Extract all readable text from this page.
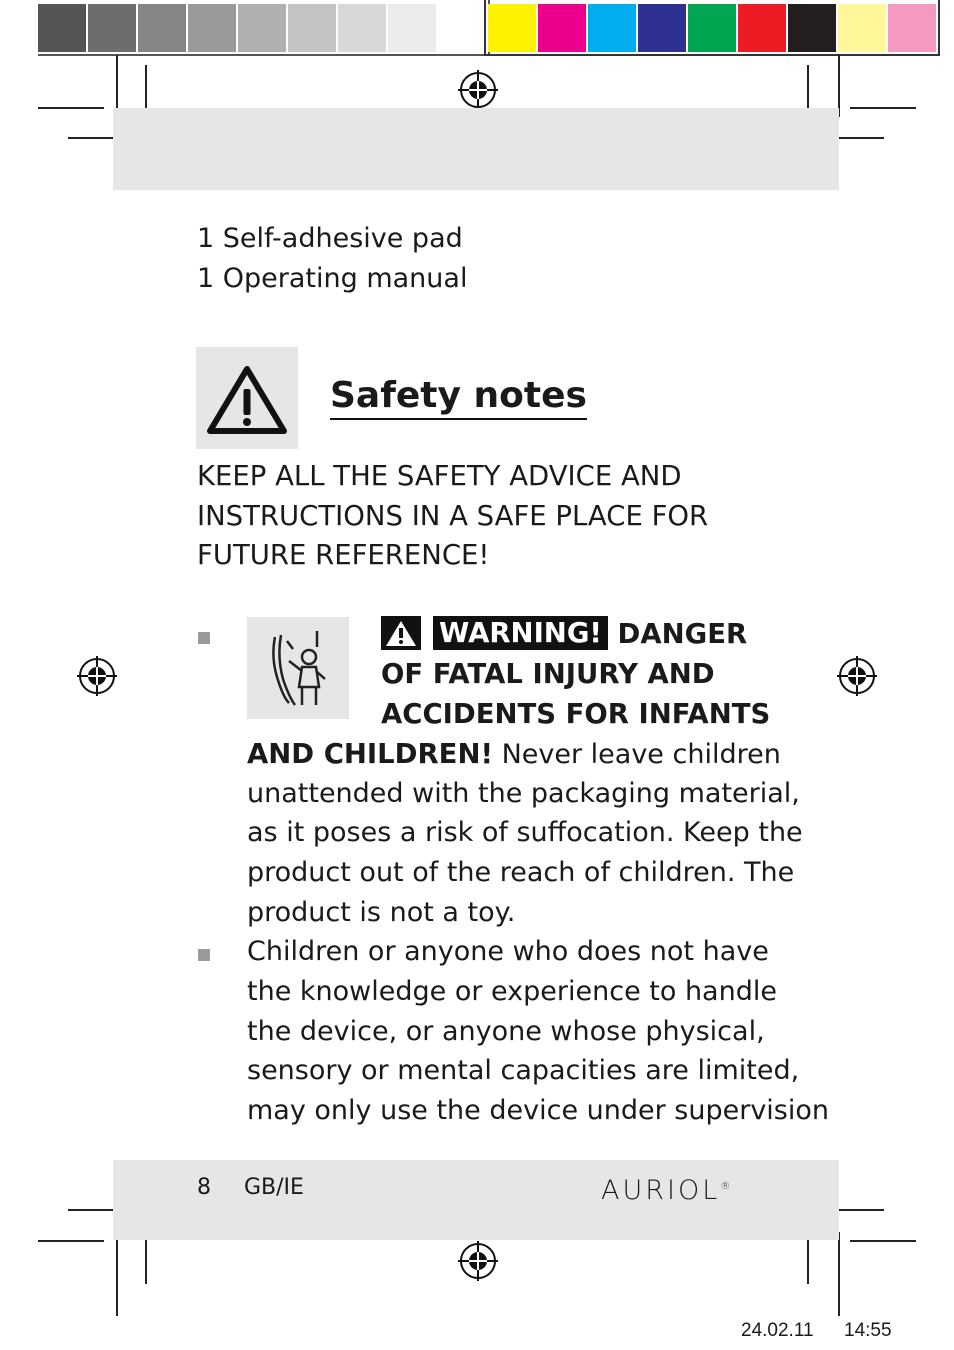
1 Self-adhesive pad
1 Operating manual
Safety notes
KEEP ALL THE SAFETY ADVICE AND
INSTRUCTIONS IN A SAFE PLACE FOR
FUTURE REFERENCE!
WARNING! DANGER
OF FATAL INJURY AND
ACCIDENTS FOR INFANTS
AND CHILDREN! Never leave children
unattended with the packaging material,
as it poses a risk of suffocation. Keep the
product out of the reach of children. The
product is not a toy.
Children or anyone who does not have
the knowledge or experience to handle
the device, or anyone whose physical,
sensory or mental capacities are limited,
may only use the device under supervision
8 GB/IE	AURIOL®
24.02.11 14:55
